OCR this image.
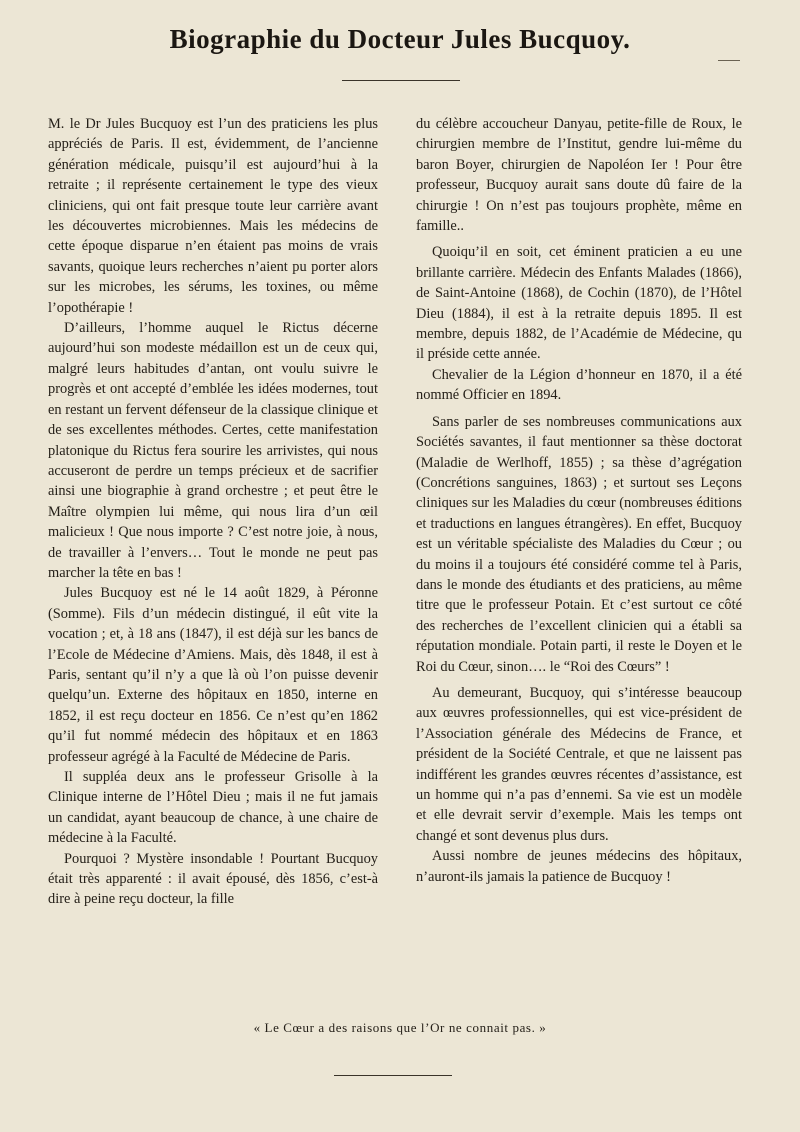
Biographie du Docteur Jules Bucquoy.

M. le Dr Jules Bucquoy est l’un des praticiens les plus appréciés de Paris. Il est, évidemment, de l’ancienne génération médicale, puisqu’il est aujourd’hui à la retraite ; il représente certainement le type des vieux cliniciens, qui ont fait presque toute leur carrière avant les découvertes microbiennes. Mais les médecins de cette époque disparue n’en étaient pas moins de vrais savants, quoique leurs recherches n’aient pu porter alors sur les microbes, les sérums, les toxines, ou même l’opothérapie !

D’ailleurs, l’homme auquel le Rictus décerne aujourd’hui son modeste médaillon est un de ceux qui, malgré leurs habitudes d’antan, ont voulu suivre le progrès et ont accepté d’emblée les idées modernes, tout en restant un fervent défenseur de la classique clinique et de ses excellentes méthodes. Certes, cette manifestation platonique du Rictus fera sourire les arrivistes, qui nous accuseront de perdre un temps précieux et de sacrifier ainsi une biographie à grand orchestre ; et peut être le Maître olympien lui même, qui nous lira d’un œil malicieux ! Que nous importe ? C’est notre joie, à nous, de travailler à l’envers… Tout le monde ne peut pas marcher la tête en bas !

Jules Bucquoy est né le 14 août 1829, à Péronne (Somme). Fils d’un médecin distingué, il eût vite la vocation ; et, à 18 ans (1847), il est déjà sur les bancs de l’Ecole de Médecine d’Amiens. Mais, dès 1848, il est à Paris, sentant qu’il n’y a que là où l’on puisse devenir quelqu’un. Externe des hôpitaux en 1850, interne en 1852, il est reçu docteur en 1856. Ce n’est qu’en 1862 qu’il fut nommé médecin des hôpitaux et en 1863 professeur agrégé à la Faculté de Médecine de Paris.

Il suppléa deux ans le professeur Grisolle à la Clinique interne de l’Hôtel Dieu ; mais il ne fut jamais un candidat, ayant beaucoup de chance, à une chaire de médecine à la Faculté.

Pourquoi ? Mystère insondable ! Pourtant Bucquoy était très apparenté : il avait épousé, dès 1856, c’est-à dire à peine reçu docteur, la fille

du célèbre accoucheur Danyau, petite-fille de Roux, le chirurgien membre de l’Institut, gendre lui-même du baron Boyer, chirurgien de Napoléon Ier ! Pour être professeur, Bucquoy aurait sans doute dû faire de la chirurgie ! On n’est pas toujours prophète, même en famille..

Quoiqu’il en soit, cet éminent praticien a eu une brillante carrière. Médecin des Enfants Malades (1866), de Saint-Antoine (1868), de Cochin (1870), de l’Hôtel Dieu (1884), il est à la retraite depuis 1895. Il est membre, depuis 1882, de l’Académie de Médecine, qu il préside cette année.

Chevalier de la Légion d’honneur en 1870, il a été nommé Officier en 1894.

Sans parler de ses nombreuses communications aux Sociétés savantes, il faut mentionner sa thèse doctorat (Maladie de Werlhoff, 1855) ; sa thèse d’agrégation (Concrétions sanguines, 1863) ; et surtout ses Leçons cliniques sur les Maladies du cœur (nombreuses éditions et traductions en langues étrangères). En effet, Bucquoy est un véritable spécialiste des Maladies du Cœur ; ou du moins il a toujours été considéré comme tel à Paris, dans le monde des étudiants et des praticiens, au même titre que le professeur Potain. Et c’est surtout ce côté des recherches de l’excellent clinicien qui a établi sa réputation mondiale. Potain parti, il reste le Doyen et le Roi du Cœur, sinon…. le “Roi des Cœurs” !

Au demeurant, Bucquoy, qui s’intéresse beaucoup aux œuvres professionnelles, qui est vice-président de l’Association générale des Médecins de France, et président de la Société Centrale, et que ne laissent pas indifférent les grandes œuvres récentes d’assistance, est un homme qui n’a pas d’ennemi. Sa vie est un modèle et elle devrait servir d’exemple. Mais les temps ont changé et sont devenus plus durs.

Aussi nombre de jeunes médecins des hôpitaux, n’auront-ils jamais la patience de Bucquoy !

« Le Cœur a des raisons que l’Or ne connait pas. »
